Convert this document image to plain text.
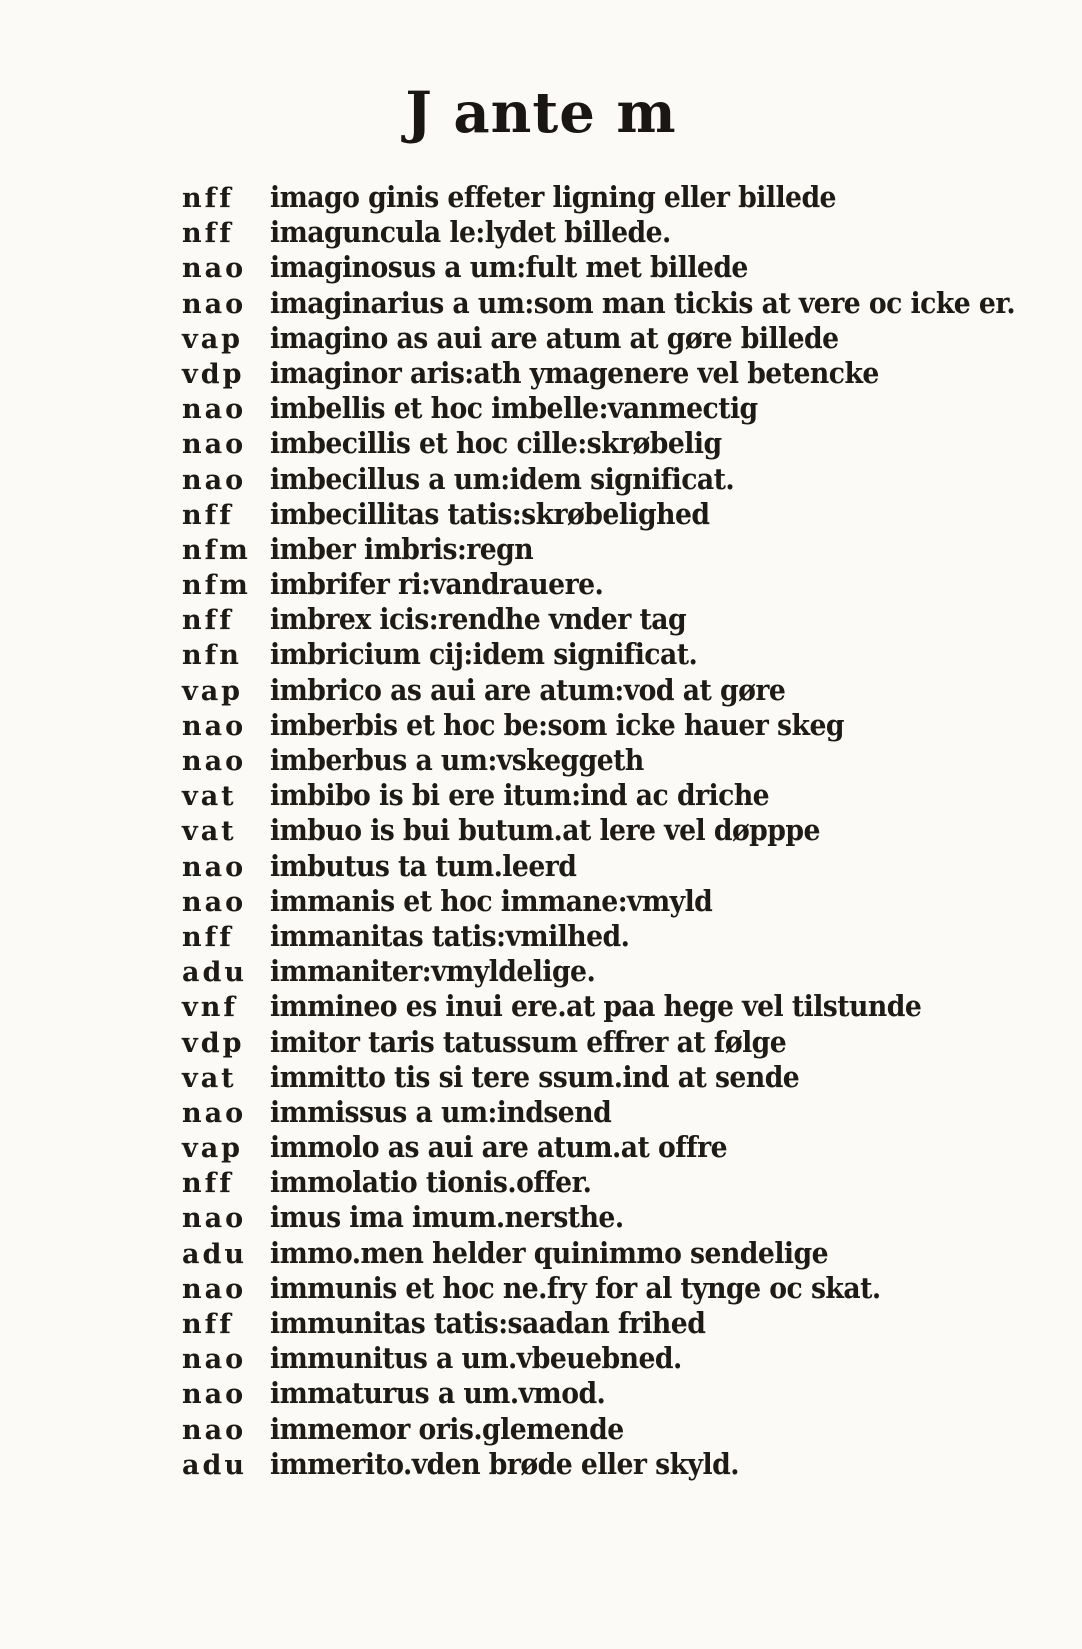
J ante m
nff	imago ginis effeter ligning eller billede
nff	imaguncula le:lydet billede.
nao imaginosus a um:fult met billede
nao imaginarius a um:som man tickis at vere oc icke er.
vap imagino as aui are atum at gøre billede
vdp imaginor aris:ath ymagenere vel betencke
nao imbellis et hoc imbelle:vanmectig
nao imbecillis et hoc cille:skrøbelig
nao imbecillus a um:idem significat.
nff	imbecillitas tatis:skrøbelighed
nfm imber imbris:regn
nfm imbrifer ri:vandrauere.
nff	imbrex icis:rendhe vnder tag
nfn imbricium cij:idem significat.
vap imbrico as aui are atum:vod at gøre
nao imberbis et hoc be:som icke hauer skeg
nao imberbus a um:vskeggeth
vat	imbibo is bi ere itum:ind ac driche
vat	imbuo is bui butum.at lere vel døpppe
nao imbutus ta tum.leerd
nao immanis et hoc immane:vmyld
nff	immanitas tatis:vmilhed.
adu immaniter:vmyldelige.
vnf	immineo es inui ere.at paa hege vel tilstunde
vdp imitor taris tatussum effrer at følge
vat	immitto tis si tere ssum.ind at sende
nao immissus a um:indsend
vap immolo as aui are atum.at offre
nff	immolatio tionis.offer.
nao imus ima imum.nersthe.
adu immo.men helder quinimmo sendelige
nao immunis et hoc ne.fry for al tynge oc skat.
nff	immunitas tatis:saadan frihed
nao immunitus a um.vbeuebned.
nao immaturus a um.vmod.
nao immemor oris.glemende
adu immerito.vden brøde eller skyld.
